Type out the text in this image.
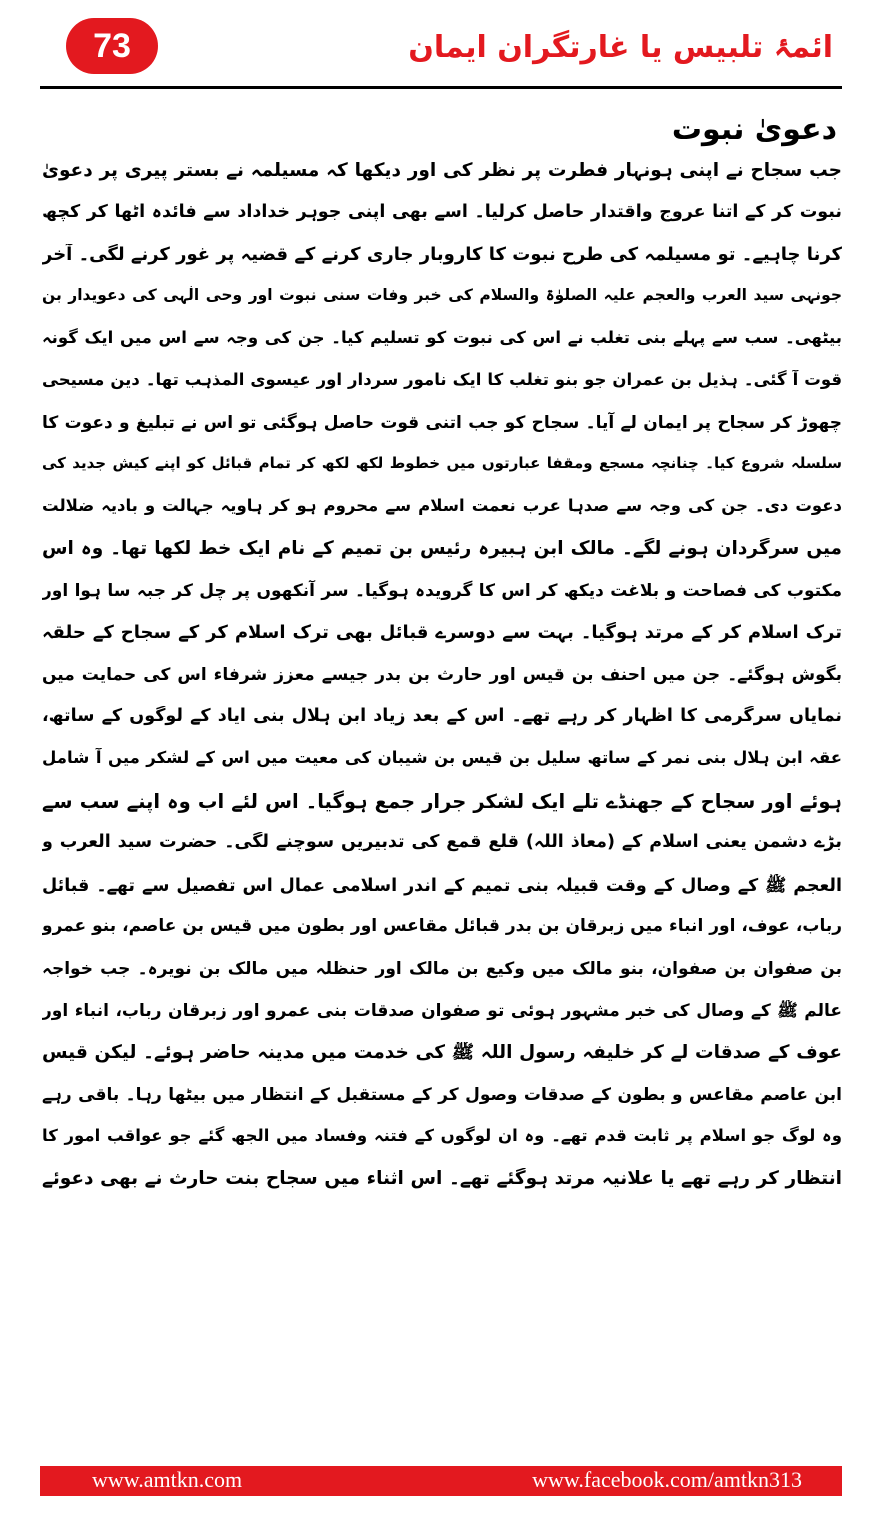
73	ائمۂ تلبیس یا غارتگران ایمان
دعویٰ نبوت
جب سجاح نے اپنی ہونہار فطرت پر نظر کی اور دیکھا کہ مسیلمہ نے بستر پیری پر دعویٰ
نبوت کر کے اتنا عروج واقتدار حاصل کرلیا۔ اسے بھی اپنی جوہر خداداد سے فائدہ اٹھا کر کچھ
کرنا چاہیے۔ تو مسیلمہ کی طرح نبوت کا کاروبار جاری کرنے کے قضیہ پر غور کرنے لگی۔ آخر
جونہی سید العرب والعجم علیہ الصلوٰۃ والسلام کی خبر وفات سنی نبوت اور وحی الٰہی کی دعویدار بن
بیٹھی۔ سب سے پہلے بنی تغلب نے اس کی نبوت کو تسلیم کیا۔ جن کی وجہ سے اس میں ایک گونہ
قوت آ گئی۔ ہذیل بن عمران جو بنو تغلب کا ایک نامور سردار اور عیسوی المذہب تھا۔ دین مسیحی
چھوڑ کر سجاح پر ایمان لے آیا۔ سجاح کو جب اتنی قوت حاصل ہوگئی تو اس نے تبلیغ و دعوت کا
سلسلہ شروع کیا۔ چنانچہ مسجع ومقفا عبارتوں میں خطوط لکھ لکھ کر تمام قبائل کو اپنے کیش جدید کی
دعوت دی۔ جن کی وجہ سے صدہا عرب نعمت اسلام سے محروم ہو کر ہاویہ جہالت و بادیہ ضلالت
میں سرگردان ہونے لگے۔ مالک ابن ہبیرہ رئیس بن تمیم کے نام ایک خط لکھا تھا۔ وہ اس
مکتوب کی فصاحت و بلاغت دیکھ کر اس کا گرویدہ ہوگیا۔ سر آنکھوں پر چل کر جبہ سا ہوا اور
ترک اسلام کر کے مرتد ہوگیا۔ بہت سے دوسرے قبائل بھی ترک اسلام کر کے سجاح کے حلقہ
بگوش ہوگئے۔ جن میں احنف بن قیس اور حارث بن بدر جیسے معزز شرفاء اس کی حمایت میں
نمایاں سرگرمی کا اظہار کر رہے تھے۔ اس کے بعد زیاد ابن ہلال بنی ایاد کے لوگوں کے ساتھ،
عقہ ابن ہلال بنی نمر کے ساتھ سلیل بن قیس بن شیبان کی معیت میں اس کے لشکر میں آ شامل
ہوئے اور سجاح کے جھنڈے تلے ایک لشکر جرار جمع ہوگیا۔ اس لئے اب وہ اپنے سب سے
بڑے دشمن یعنی اسلام کے (معاذ اللہ) قلع قمع کی تدبیریں سوچنے لگی۔ حضرت سید العرب و
العجم ﷺ کے وصال کے وقت قبیلہ بنی تمیم کے اندر اسلامی عمال اس تفصیل سے تھے۔ قبائل
رباب، عوف، اور انباء میں زبرقان بن بدر قبائل مقاعس اور بطون میں قیس بن عاصم، بنو عمرو
بن صفوان بن صفوان، بنو مالک میں وکیع بن مالک اور حنظلہ میں مالک بن نویرہ۔ جب خواجہ
عالم ﷺ کے وصال کی خبر مشہور ہوئی تو صفوان صدقات بنی عمرو اور زبرقان رباب، انباء اور
عوف کے صدقات لے کر خلیفہ رسول اللہ ﷺ کی خدمت میں مدینہ حاضر ہوئے۔ لیکن قیس
ابن عاصم مقاعس و بطون کے صدقات وصول کر کے مستقبل کے انتظار میں بیٹھا رہا۔ باقی رہے
وہ لوگ جو اسلام پر ثابت قدم تھے۔ وہ ان لوگوں کے فتنہ وفساد میں الجھ گئے جو عواقب امور کا
انتظار کر رہے تھے یا علانیہ مرتد ہوگئے تھے۔ اس اثناء میں سجاح بنت حارث نے بھی دعوئے
www.amtkn.com	www.facebook.com/amtkn313
